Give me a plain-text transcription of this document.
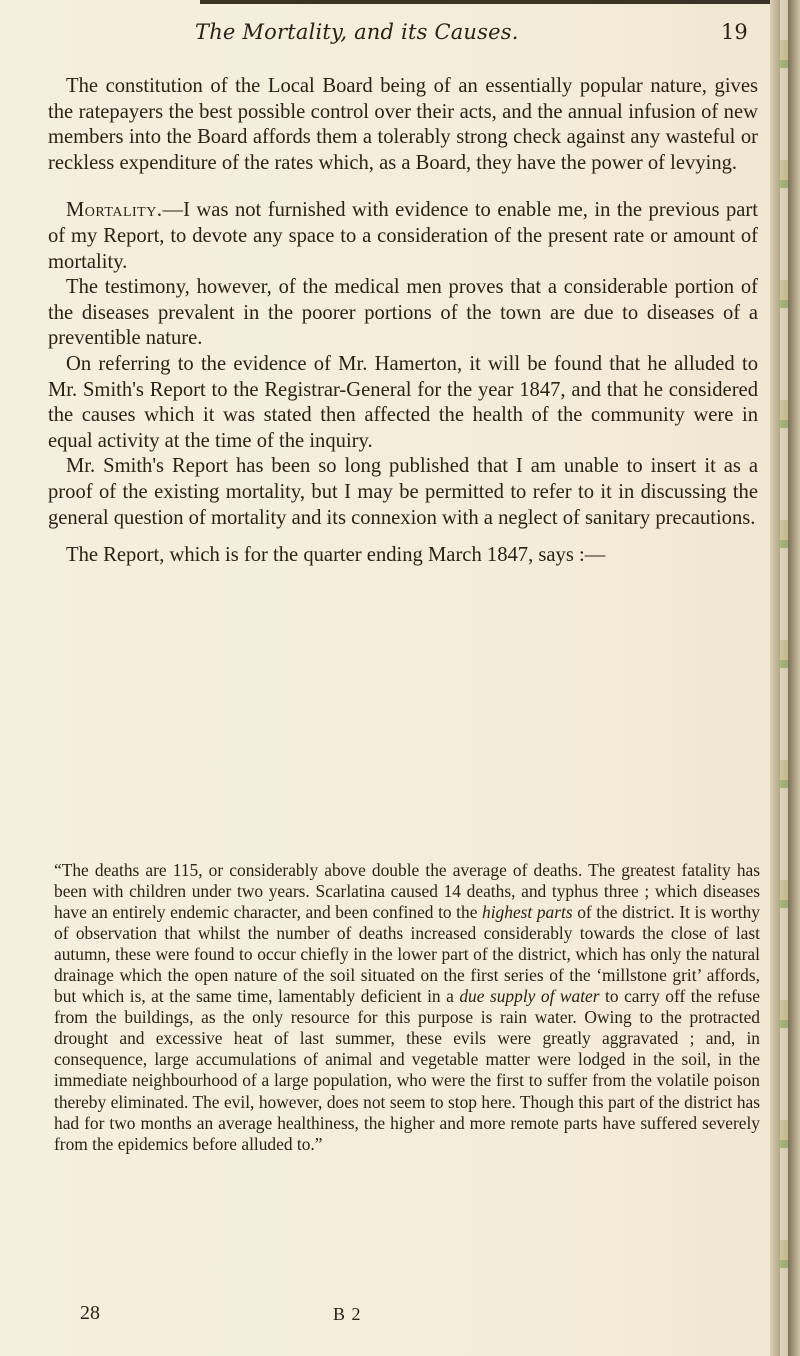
The Mortality, and its Causes.	19

The constitution of the Local Board being of an essentially popular nature, gives the ratepayers the best possible control over their acts, and the annual infusion of new members into the Board affords them a tolerably strong check against any wasteful or reckless expenditure of the rates which, as a Board, they have the power of levying.

Mortality.—I was not furnished with evidence to enable me, in the previous part of my Report, to devote any space to a consideration of the present rate or amount of mortality.

The testimony, however, of the medical men proves that a considerable portion of the diseases prevalent in the poorer portions of the town are due to diseases of a preventible nature.

On referring to the evidence of Mr. Hamerton, it will be found that he alluded to Mr. Smith's Report to the Registrar-General for the year 1847, and that he considered the causes which it was stated then affected the health of the community were in equal activity at the time of the inquiry.

Mr. Smith's Report has been so long published that I am unable to insert it as a proof of the existing mortality, but I may be permitted to refer to it in discussing the general question of mortality and its connexion with a neglect of sanitary precautions.

The Report, which is for the quarter ending March 1847, says :—

“The deaths are 115, or considerably above double the average of deaths. The greatest fatality has been with children under two years. Scarlatina caused 14 deaths, and typhus three ; which diseases have an entirely endemic character, and been confined to the highest parts of the district. It is worthy of observation that whilst the number of deaths increased considerably towards the close of last autumn, these were found to occur chiefly in the lower part of the district, which has only the natural drainage which the open nature of the soil situated on the first series of the ‘millstone grit’ affords, but which is, at the same time, lamentably deficient in a due supply of water to carry off the refuse from the buildings, as the only resource for this purpose is rain water. Owing to the protracted drought and excessive heat of last summer, these evils were greatly aggravated ; and, in consequence, large accumulations of animal and vegetable matter were lodged in the soil, in the immediate neighbourhood of a large population, who were the first to suffer from the volatile poison thereby eliminated. The evil, however, does not seem to stop here. Though this part of the district has had for two months an average healthiness, the higher and more remote parts have suffered severely from the epidemics before alluded to.”

28	B 2
